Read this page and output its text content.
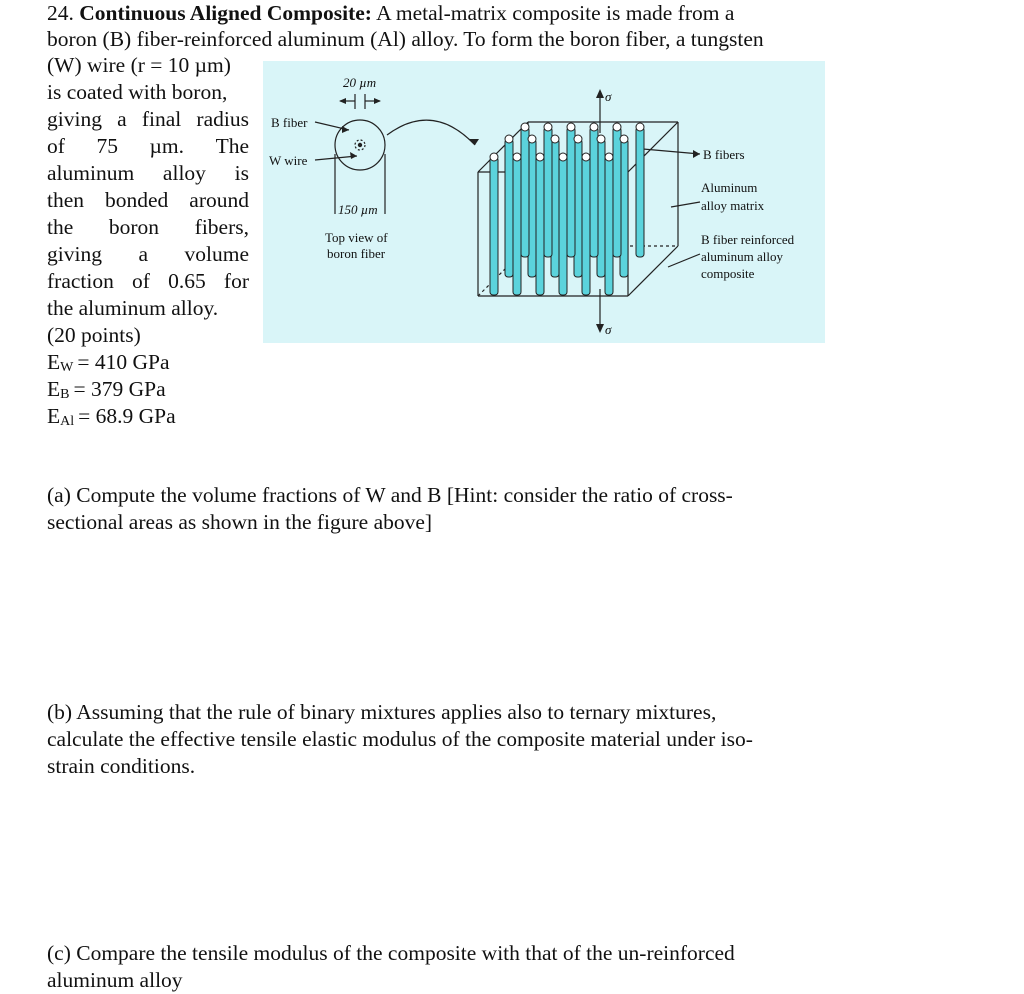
24. Continuous Aligned Composite: A metal-matrix composite is made from a
boron (B) fiber-reinforced aluminum (Al) alloy. To form the boron fiber, a tungsten
(W) wire (r = 10 µm)
is coated with boron,
giving a final radius
of 75 µm. The
aluminum alloy is
then bonded around
the boron fibers,
giving a volume
fraction of 0.65 for
the aluminum alloy.
(20 points)
$E_W = 410$ GPa
$E_B = 379$ GPa
$E_{Al} = 68.9$ GPa
20 µm
B fiber
W wire
150 µm
Top view of
boron fiber
σ
σ
B fibers
Aluminum
alloy matrix
B fiber reinforced
aluminum alloy
composite
(a) Compute the volume fractions of W and B [Hint: consider the ratio of cross-
sectional areas as shown in the figure above]
(b) Assuming that the rule of binary mixtures applies also to ternary mixtures,
calculate the effective tensile elastic modulus of the composite material under iso-
strain conditions.
(c) Compare the tensile modulus of the composite with that of the un-reinforced
aluminum alloy
